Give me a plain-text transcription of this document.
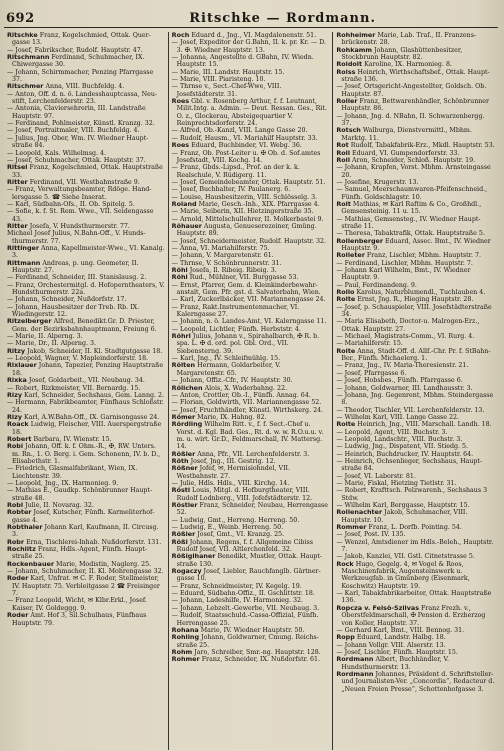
692	Ritschke — Rordmann.

Ritschke Franz, Kogelschmied, Ottak. Quergasse 13.

— Josef, Fabrikscher, Rudolf. Hauptstr. 47.

Ritschmann Ferdinand, Schuhmacher, IX. Chiwergasse 30.

— Johann, Schirmmacher, Penzing Pfarrgasse 37.

Ritschmer Anna, VIII. Buchfeldg. 4.

— Anton, Off. d. n. ö. Landesshauptcassa, Neustift, Lerchenfelderstr. 23.

— Antonia, Claviersehrerin, III. Landstraße Hauptstr. 97.

— Ferdinand, Pohlmeister, Künstl. Kranzg. 32.

— Josef, Portraitmaler, VIII. Buchfeldg. 4.

— Julius, Jng. Ober, Wm. IV. Wiedner Hauptstraße 84.

— Leopold, Kals. Wilhelmsg. 4.

— Josef, Schuhmacher, Ottak. Hauptstr. 37.

Ritsel Franz, Kogelschmied, Ottak. Hauptstraße 33.

Ritter Ferdinand, VII. Westbahnstraße 9.

— Franz, Verwaltungsbeamter, Rdöge. Handlersgasse 5. ☎ Siehe Inserat.

— Karl, Südbahn-Ofs., II. Ob. Spitelg. 5.

— Sofie, k. f. St. Rem. Wwe., VII. Seidengasse 43.

Ritter Josefa, V. Hundsthurmerstr. 77.

Michael Josef Julius, N.Bahn-Off., V. Hundsthurmerstr. 77.

Rittinger Anna, Kapellmeister-Wwe., VI. Kanalg. 3.

Rittmann Andreas, p. ung. Geometer, II. Hauptstr. 27.

— Ferdinand, Schneider, III. Stanislausg. 2.

— Franz, Orchestermitgl. d. Hofoperntheaters, V. Hundsthurmerstr. 22a.

— Johann, Schneider, Nußdorfstr. 17.

— Johann, Hausbesitzer der Treb. Rb. IX. Wiedingerstr. 12.

Ritzelberger Alfred, Benedikt.Gr. D. Priester, Gem. der Bezirksbahnhauptmann, Freiung 6.

— Marie, II. Alperng. 3.

— Marie, Dr., II. Alperng. 3.

Ritzy Jakob, Schneider, II. Kl. Stadtgutgasse 18.

— Leopold, Wagner, V. Mapleindorferstr. 18.

Rixlauer Johann, Tapezier, Penzing Hauptstraße 18.

Rixka Josef, Goldarbeit., VII. Neubaug. 34.

— Robert, Rizkmeister, VII. Bernardg. 15.

Rizy Karl, Schneider, Sechshaus, Gem. Lanng. 2.

— Hermann, Fabrikbeamter, Fünfhaus Schloßstr. 24.

Rizy Karl, A.W.Bahn-Off., IX. Garnisongasse 24.

Roack Ludwig, Fleischer, VIII. Auerspergstraße 18.

Robert Barbara, IV. Wienstr. 15.

Robi Johann, Off. k. f. Ohm.-R., ✠, RW. Unters. m. Rn., 1. O. Berg. i. Gem. Schonenn, IV. b. D., Elisabethstr. 1.

— Friedrich, Glasmalfabrikant, Wien, IX. Liechtenstr. 39.

— Leopold, Jng., IX. Harmonieg. 9.

— Mathias E., Gaudkp. Schönbrunner Hauptstraße 48.

Robl Julie, II. Novarag. 32.

Robter Josef, Kutscher, Fünfh. Karmeliterhofgasse 4.

Robthaler Johann Karl, Kaufmann, II. Circusg. 3.

Robr Erna, Tischlerei-Inhab. Nußdorferstr. 131.

Rochlitz Franz, Hdls.-Agent, Fünfh. Hauptstraße 25.

Rockenbauer Marie, Modistin, Naglerg. 25.

— Johann, Schuhmacher, II. Kl. Mohrengasse 32.

Roder Karl, Unfrat. ✉ C. F. Roder, Stellmeister, IV. Hauptstr. 75. Verbleitgasse 2 ☎ Freisinger 7.

— Franz Leopold, Wicht, ✉ Klbr.Erkl., Josef. Kaiser, IV. Goldeggg. 9.

Roder Amt. Hof 3, Sil.Schulhaus, Fünfhaus Hauptstr. 79.

Roch Eduard d., Jng., VI. Magdalenenstr. 51.

— Josef, Expeditor der G.Bahn, II. k. pr. Kr. — D. 3. ✠. Wiedner Hauptstr. 13.

— Johanna, Angestellte d. GBahn, IV. Wiedn. Hauptstr. 15.

— Marie, III. Landstr. Hauptstr. 15.

— Marie, VIII. Piaristeng. 10.

— Thrnse v., Sect.-Chef-Wwe, VIII. Josefstädterstr. 31.

Roes Gbl. v. Rosenberg Arthur, f. f. Leutnant, Milit.Intg. a. Admin. — Deut. Ressan. Ges., Rit. O. z., Glockerau, Absteigequartier V. Reinprechtsdorferstr. 24.

— Alfred, Ob.-Kanzl, VIII. Lange Gasse 20.

— Rudolf, Hausm., VI. Mariahilf Hauptstr. 33.

Roes Eduard, Buchbinder, VI. Webg. 36.

— Franz, Ob. Post-Leiter u. ✠ Ob. d. Sof.amtes Josefstadt, VIII. Kochg. 14.

— Franz, Gbds.-Lipsd., Prof. an der k. k. Realschule, V. Rüdigerg. 11.

— Josef, Gemeindebeamter, Ottak. Hauptstr. 51.

— Josef, Buchhalter, IV. Paulanerg. 6.

— Louise, Hausbesitzerin, VIII. Schlösselg. 3.

Roland Marie, Gesch.-Inh., XIX. Pfarrgasse 4.

— Marie, Seiberin, XII. Hietzingerstraße 35.

— Arnold, Mittelschullehrer, II. Molkerbastei 9.

Röhauer Augusta, Genueserezeiner, Gmüng. Hauptstr. 89.

— Josef, Schneidermeister, Rudolf. Hauptstr. 32.

— Anna, VI. Mariahilferstr. 75.

— Johann, V. Margaretenstr. 61.

— Thrnse, V. Schönbrunnerstr. 31.

Röhl Josefa, Il. Ribeig. Ribeig. 3.

Röhl Rud., Mühlner, VII. Burggasse 53.

— Ernst, Pfarrer, Gem. d. Kleinkinderbewahranstalt, Gem. Pfr. gst. d. Salvatorbahn, Wien.

— Karl, Zuckerlbäcker, VII. Mariannengasse 24.

— Franz, Rakt.Instrumentenmacher, VI. Kalerngasse 27.

— Johann, n. ö. Landes-Amt, VI. Kalerngasse 11.

— Leopold, Lichtler, Fünfh. Herbststr. 4.

Röhrl Julius, Johann v., Spirahalbarch, ✠ R. b. spa. L. ✠ d. ord. pol. Gbl. Ord., VII. Siebensterng. 39.

— Karl, Jng., IV. Schleifmühlg. 15.

Rölten Hermann, Goldarbeiter, V. Margaretenstr. 65.

— Johann, Offiz.-Cfr., IV. Hauptstr. 30.

Rölichen Alois, X. Waderbahng. 22.

— Anton, Crottler, Ob.-I., Fünfh. Annag. 64.

— Florian, Goldwirth, VII. Mariannengasse 52.

— Josef, Fruchthändler, Künstl. Wirthskerg. 24.

Römer Marie, IX. Hahng. 82.

Rördling Wilhelm Ritt. v., f. f. Sect.-Chef u. Vorst. d. Kgl. Bad. Ges., Rt. d. w. w. R.O.u.u. v. m. u. wirt. Gr.D., Feldmarschall, IV. Mattersg. 14.

Rößler Anna, Pfr., VII. Lerchenfelderstr. 3.

Röth Josef, Jng., III. Gestrig. 12.

Rößner Jofef, ✉, Hermisiohndel, VII. Westbahnstr. 27.

— Julie, Hdls. Hdls., VIII. Kirchg. 14.

Röstl Louis, Mitgl. d. Hofburgtheater, VIII. Rudolf Lodnberg., VIII. Jofefstädterstr. 12.

Röstler Franz, Schneider, Neubau, Herrengasse 52.

— Ludwig, Gmt., Herreng. Herreng. 50.

— Ludwig, E., Weinb. Herreng. 50.

Rößler Josef, Gmt., VI. Kranzg. 25.

Rößl Johann, Regens, f. f. Allgemeine Cibiss Rudolf Josef, VII. Altlerchenfeld. 32.

Rößiglhaner Benedikt, Mustler, Ottak. Hauptstraße 130.

Rogaczy Josef, Liebler, Rauchfanglb. Gärtnergasse 10.

— Franz, Schneidmeister, IV. Kegelg. 19.

— Eduard, Südbahn-Offiz., II. Gschlittstr. 18.

— Johann, Ladeshilfe, IV. Harmonieg. 32.

— Johann, Lebzelt.-Gewerbe, VII. Neubaug. 3.

— Rudolf, Staatsschuld.-Cassa-Offizial, Fünfh. Herrengasse 25.

Rohana Marie, IV. Wiedner Hauptstr. 50.

Rohling Johann, Goldwarner, Cmung. Reichsstraße 25.

Rohm Jaro, Schreiber, Smr.-ng. Hauptstr. 128.

Rohmer Franz, Schneider, IX. Nußdorfstr. 61.

Rohheimer Marie, Lab. Traf., II. Franzensbrückenstr. 28.

Rohkamm Johann, Glashüttenbesitzer, Stockbrunn Hauptstr. 82.

Roidolt Karoline, IX. Harmonieg. 8.

Roiss Heinrich, Wirthschaftsbef., Ottak. Hauptstraße 136.

— Josef, Ortsgericht-Angestellter, Goldsch. Ob. Hauptstr. 87.

Roller Franz, Bettwarenhändler, Schönbrunner Hauptstr. 86.

— Johann, Jng. d. NBahn, II. Schwarzenbergg. 37.

Rotsch Walburga, Dienstvermittl., Mbhm. Marktg. 11.

Rot Rudolf, Tabakfabrik-Erz., Mkdl. Hauptstr. 53.

Roll Eduard, VI. Gumpendorferstr. 33.

Roll Aron, Schneider, Schloß. Hauptstr. 19.

— Johann, Krapfen, Vorst. Mbhm. Arnsteingasse 20.

— Josefine, Krugerstr. 13.

— Samuel, Meerschaumwaren-Pfeifenschneid., Fünfh. Goldschlagstr. 10.

Rolt Mathias, ✉ Karl Raftim & Co., Großhdl., Gemsensteinig. 11 u. 15.

— Mathias, Gemsensteg., IV. Wiedner Hauptstraße 11.

— Theresa, Tabaktrafik, Ottak. Hauptstraße 5.

Rollenberger Eduard, Assec. Bmt., IV. Wiedner Hauptstr. 9.

Rolleter Franz, Lischler, Mbhm. Hauptstr. 7.

— Ferdinand, Lischler, Mbhm. Hauptstr. 7.

— Johann Karl Wilhelm, Bmt., IV. Wiedner Hauptstr. 9.

— Paul, Ferdinandeng. 9.

Rollo Karolus, Naturblumendl., Tuchlauben 4.

Rolte Ernst, Jng. R., Hieging Hauptstr. 28.

— Josef, p. Schauspieler, VIII. Josefstädterstraße 34.

— Maria Elisabeth, Doctor-u. Malrogen-Erz., Ottak. Hauptstr. 27.

— Michael, Magistrats-Comm., VI. Rurg. 4.

— Mariahilferstr. 15.

Rolte Anna, Stadt-Off. d. Allf.-Chr. Pr. f. StBahnBer., Fünfh. Michaelerg. 1.

— Franz, Jng., IV. Maria-Theresienstr. 21.

— Josef, Pfarrgasse 6.

— Josef, Hobsbes., Fünfh. Pfarrgasse 6.

— Johann, Goldwarner, III. Landhausstr. 3.

— Johann, Jng. Gegenrent, Mbhm. Steindergasse 8.

— Theodor, Tischler, VII. Lerchenfelderstr. 13.

— Wilhelm Karl, VIII. Lange Gasse 22.

Rolte Heinrich, Jng., VIII. Marschall. Landh. 18.

— Leopold, Agent, VIII. Buchstr. 3.

— Leopold, Landschtr., VIII. Buchstr. 3.

— Ludwig, Jng., Dispatent, VII. Stiedg. 5.

— Heinrich, Buchdrucker, IV. Hauptstr. 64.

— Heinrich, Ochsenlieger, Sechshaus, Hauptstraße 84.

— Josef, VI. Laborstr. 81.

— Marie, Fiskal, Hietzing Tietlstr. 31.

— Robert, Krafttsch. Pelzwarenh., Sechshaus 3 Stdw.

— Wilhelm Karl, Berggasse, Hauptstr. 15.

Rollenachter Jakob, Schuhmacher, VIII. Hauptstr. 10.

Rommer Franz, L. Dorfb. Pointing. 54.

— Josef, Post. IV. 135.

— Wenzel, Amtsdiener im Hdls.-Beleh., Hauptstr. 7.

— Jakob, Kanzlei, VII. Gstl. Citnetstrasse 5.

Rock Hugo, Gegelg. 4, ✉ Vogel & Roos, Maschinenfabrik, Augensteinswerk u. Werkzeugfab. in Gmünberg (Eisenmark, Koschwitz) Hauptstr. 19.

— Karl, Tabakfabrikarbeiter, Ottak. Hauptstraße 136.

Ropcza v. Felsö-Szilvas Franz Frezh. v., Oberstfeldmarschall, ✠ Pension d. Erzherzog von Koller, Hauptstr. 37.

— Gerhard Karl, Bmt., VIII. Bennog. 31.

Ropp Eduard, Landstr. Halbg. 18.

— Johann Vollgr. VIII. Alserstr. 13.

— Josef, Lischler, Fünfh. Hauptstr. 15.

Rordmann Albert, Buchhändler, V. Hundsthurmerstr. 13.

Rordmann Johannes, Präsident d. Schriftsteller- und Journalisten-Ver. „Concordia“, Redacteur d. „Neuen Freien Presse“, Schottenhofgasse 3.
